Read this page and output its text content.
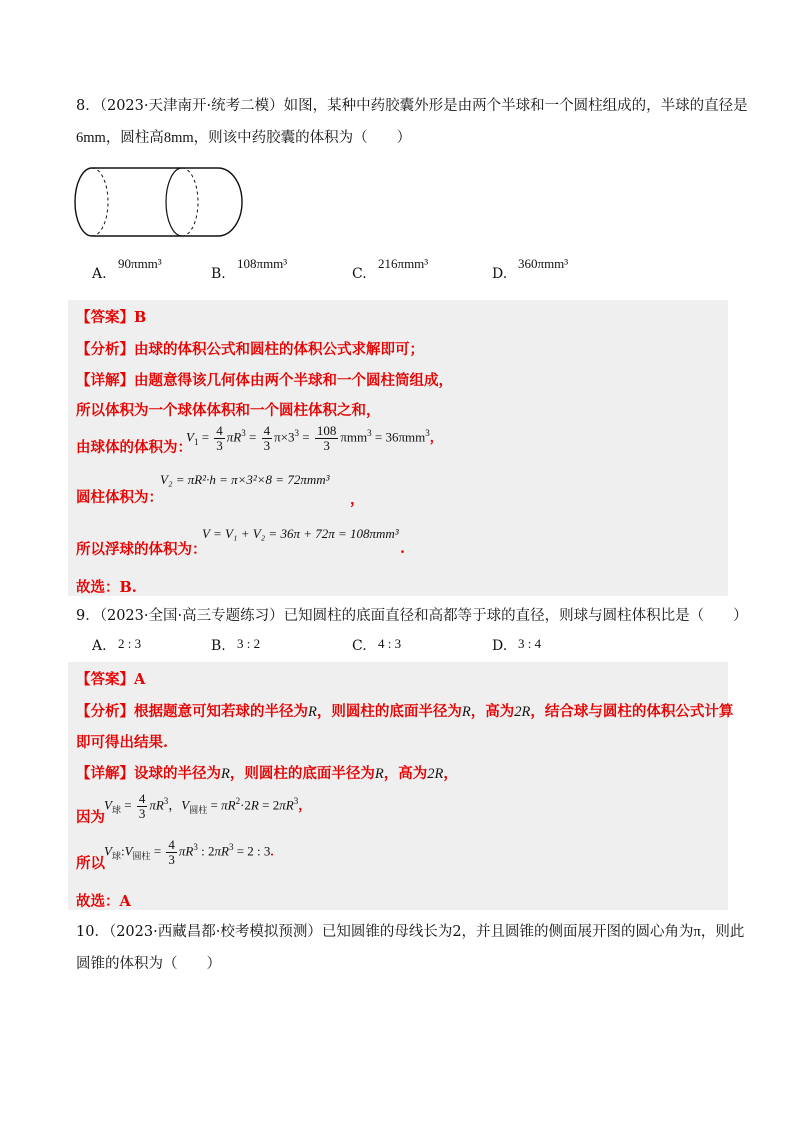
8．（2023·天津南开·统考二模）如图，某种中药胶囊外形是由两个半球和一个圆柱组成的，半球的直径是
6mm，圆柱高8mm，则该中药胶囊的体积为（　　）
A.
90πmm³
B.
108πmm³
C.
216πmm³
D.
360πmm³
【答案】B
【分析】由球的体积公式和圆柱的体积公式求解即可；
【详解】由题意得该几何体由两个半球和一个圆柱筒组成，
所以体积为一个球体体积和一个圆柱体积之和，
由球体的体积为：
$V_1 = \frac{4}{3} \pi R^3 = \frac{4}{3} \pi\times 3^3 = \frac{108}{3} \pi mm^3 = 36\pi mm^3$，
圆柱体积为：
V₂ = πR²·h = π×3²×8 = 72πmm³
，
所以浮球的体积为：
V = V₁ + V₂ = 36π + 72π = 108πmm³
.
故选：B.
9．（2023·全国·高三专题练习）已知圆柱的底面直径和高都等于球的直径，则球与圆柱体积比是（　　）
A. 2 : 3	B. 3 : 2	C. 4 : 3	D. 3 : 4
【答案】A
【分析】根据题意可知若球的半径为R，则圆柱的底面半径为R，高为2R，结合球与圆柱的体积公式计算
即可得出结果.
【详解】设球的半径为R，则圆柱的底面半径为R，高为2R，
因为
$V_球 = \frac{4}{3} \pi R^3$，$V_{圆柱} = \pi R^2\cdot 2R = 2\pi R^3$，
所以
$V_球:V_{圆柱} = \frac{4}{3} \pi R^3$ : $2\pi R^3 = 2$ : 3.
故选：A
10．（2023·西藏昌都·校考模拟预测）已知圆锥的母线长为2，并且圆锥的侧面展开图的圆心角为π，则此
圆锥的体积为（　　）
